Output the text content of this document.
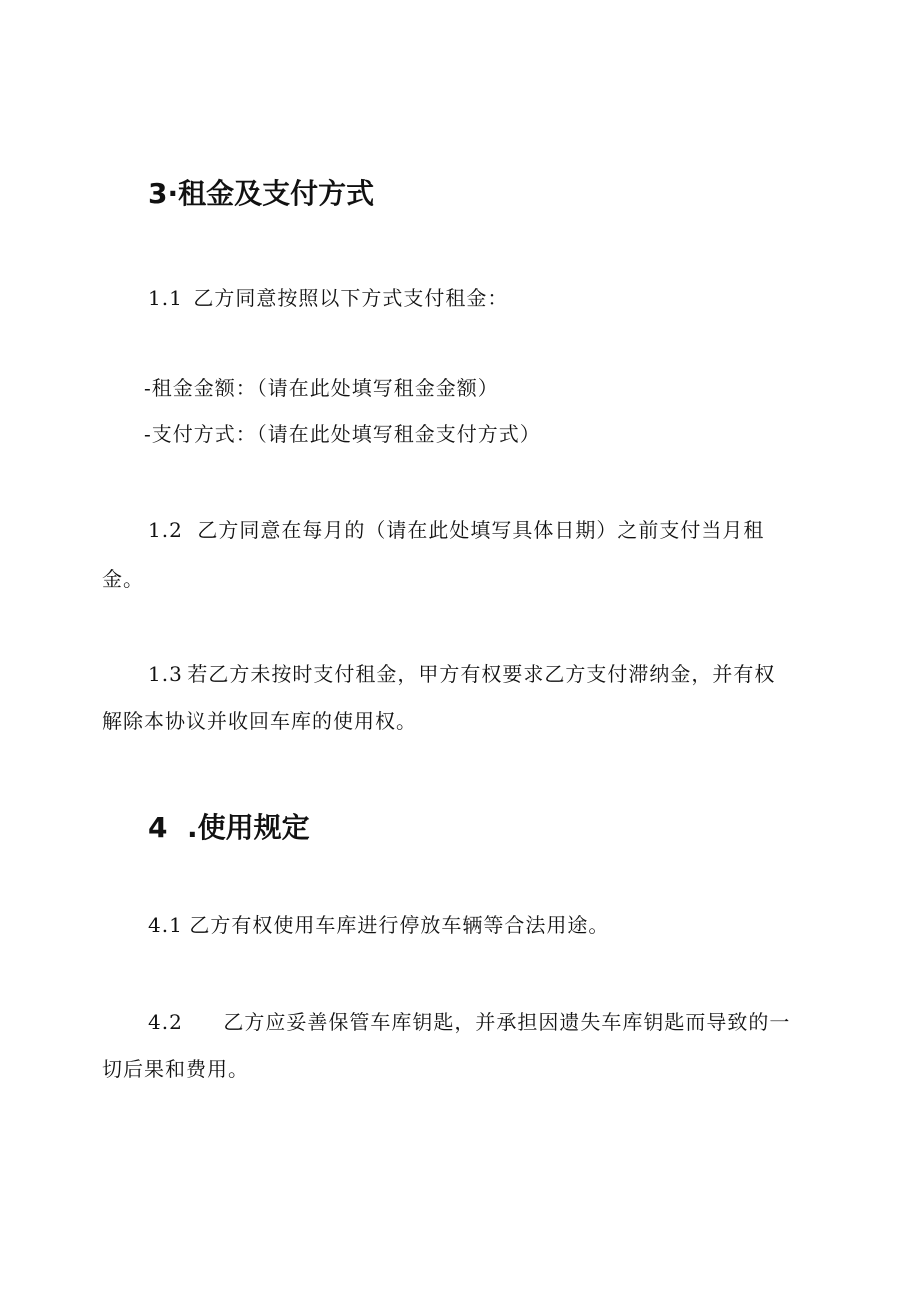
3·租金及支付方式

1.1 乙方同意按照以下方式支付租金：

-租金金额：（请在此处填写租金金额）

-支付方式：（请在此处填写租金支付方式）

1.2 乙方同意在每月的（请在此处填写具体日期）之前支付当月租

金。

1.3 若乙方未按时支付租金，甲方有权要求乙方支付滞纳金，并有权

解除本协议并收回车库的使用权。

4  .使用规定

4.1 乙方有权使用车库进行停放车辆等合法用途。

4.2 乙方应妥善保管车库钥匙，并承担因遗失车库钥匙而导致的一

切后果和费用。
